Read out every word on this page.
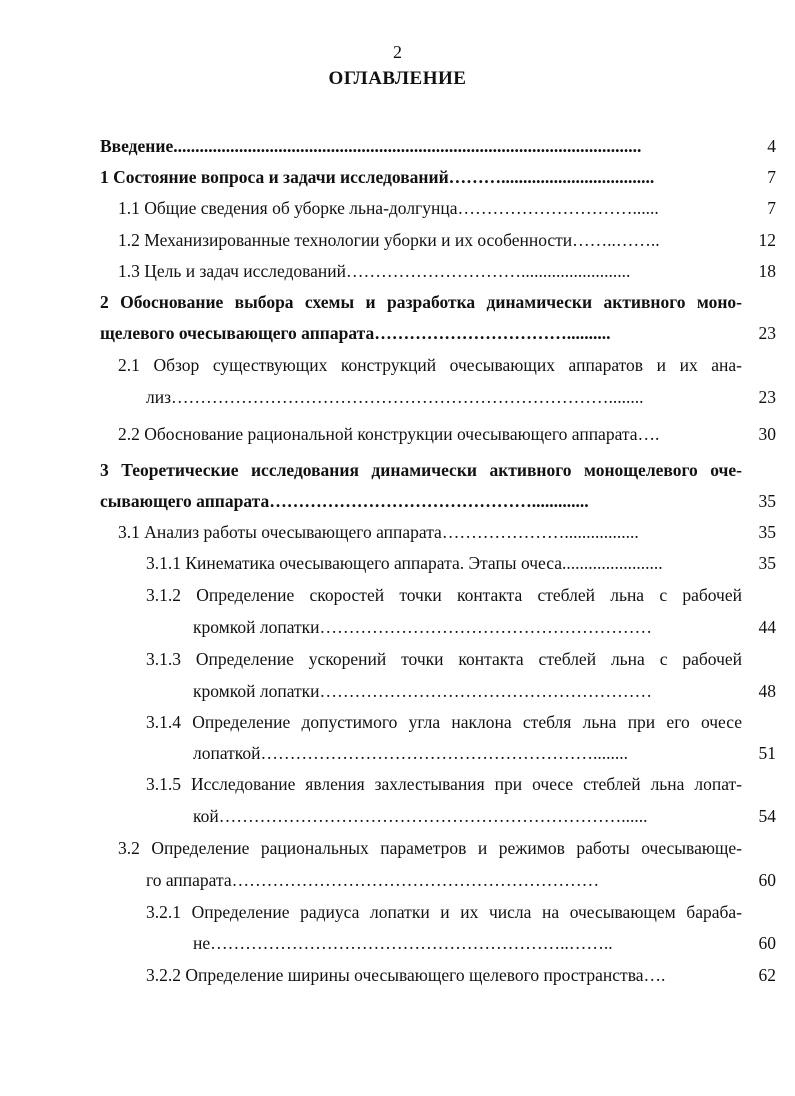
2
ОГЛАВЛЕНИЕ
Введение...........................................................................................................	4
1 Состояние вопроса и задачи исследований………...................................	7
1.1 Общие сведения об уборке льна-долгунца…………………………......	7
1.2 Механизированные технологии уборки и их особенности……..……..	12
1.3 Цель и задач исследований………………………….........................	18
2 Обоснование выбора схемы и разработка динамически активного моно-
щелевого очесывающего аппарата……………………………..........	23
2.1 Обзор существующих конструкций очесывающих аппаратов и их ана-
лиз…………………………………………………………………........	23
2.2 Обоснование рациональной конструкции очесывающего аппарата….	30
3 Теоретические исследования динамически активного монощелевого оче-
сывающего аппарата……………………………………….............	35
3.1 Анализ работы очесывающего аппарата………………….................	35
3.1.1 Кинематика очесывающего аппарата. Этапы очеса.......................	35
3.1.2 Определение скоростей точки контакта стеблей льна с рабочей
кромкой лопатки…………………………………………………	44
3.1.3 Определение ускорений точки контакта стеблей льна с рабочей
кромкой лопатки…………………………………………………	48
3.1.4 Определение допустимого угла наклона стебля льна при его очесе
лопаткой…………………………………………………........	51
3.1.5 Исследование явления захлестывания при очесе стеблей льна лопат-
кой……………………………………………………………......	54
3.2 Определение рациональных параметров и режимов работы очесывающе-
го аппарата………………………………………………………	60
3.2.1 Определение радиуса лопатки и их числа на очесывающем бараба-
не……………………………………………………..……..	60
3.2.2 Определение ширины очесывающего щелевого пространства….	62
